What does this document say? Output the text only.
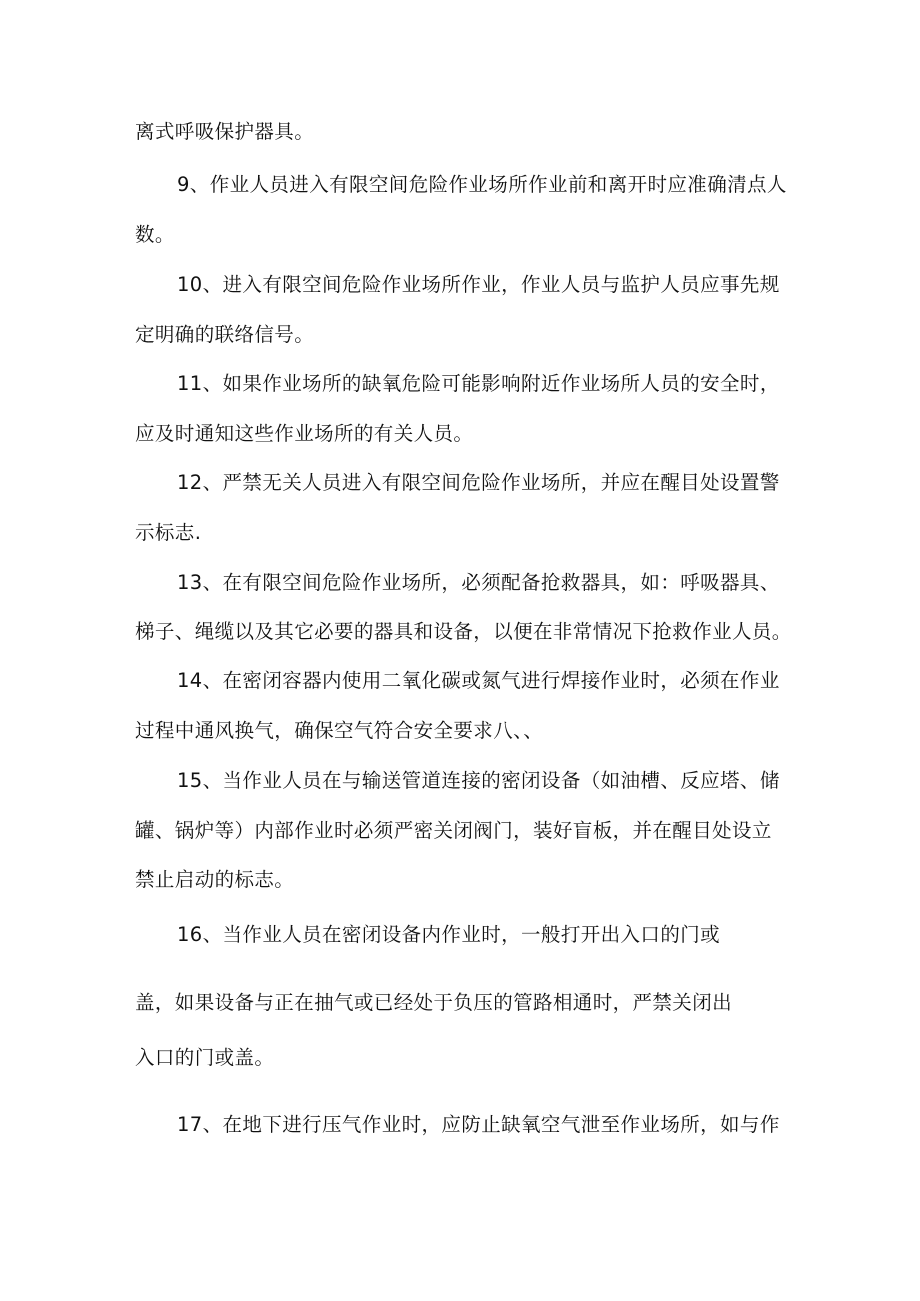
离式呼吸保护器具。
9、作业人员进入有限空间危险作业场所作业前和离开时应准确清点人
数。
10、进入有限空间危险作业场所作业，作业人员与监护人员应事先规
定明确的联络信号。
11、如果作业场所的缺氧危险可能影响附近作业场所人员的安全时，
应及时通知这些作业场所的有关人员。
12、严禁无关人员进入有限空间危险作业场所，并应在醒目处设置警
示标志.
13、在有限空间危险作业场所，必须配备抢救器具，如：呼吸器具、
梯子、绳缆以及其它必要的器具和设备，以便在非常情况下抢救作业人员。
14、在密闭容器内使用二氧化碳或氮气进行焊接作业时，必须在作业
过程中通风换气，确保空气符合安全要求八、、
15、当作业人员在与输送管道连接的密闭设备（如油槽、反应塔、储
罐、锅炉等）内部作业时必须严密关闭阀门，装好盲板，并在醒目处设立
禁止启动的标志。
16、当作业人员在密闭设备内作业时，一般打开出入口的门或
盖，如果设备与正在抽气或已经处于负压的管路相通时，严禁关闭出
入口的门或盖。
17、在地下进行压气作业时，应防止缺氧空气泄至作业场所，如与作
